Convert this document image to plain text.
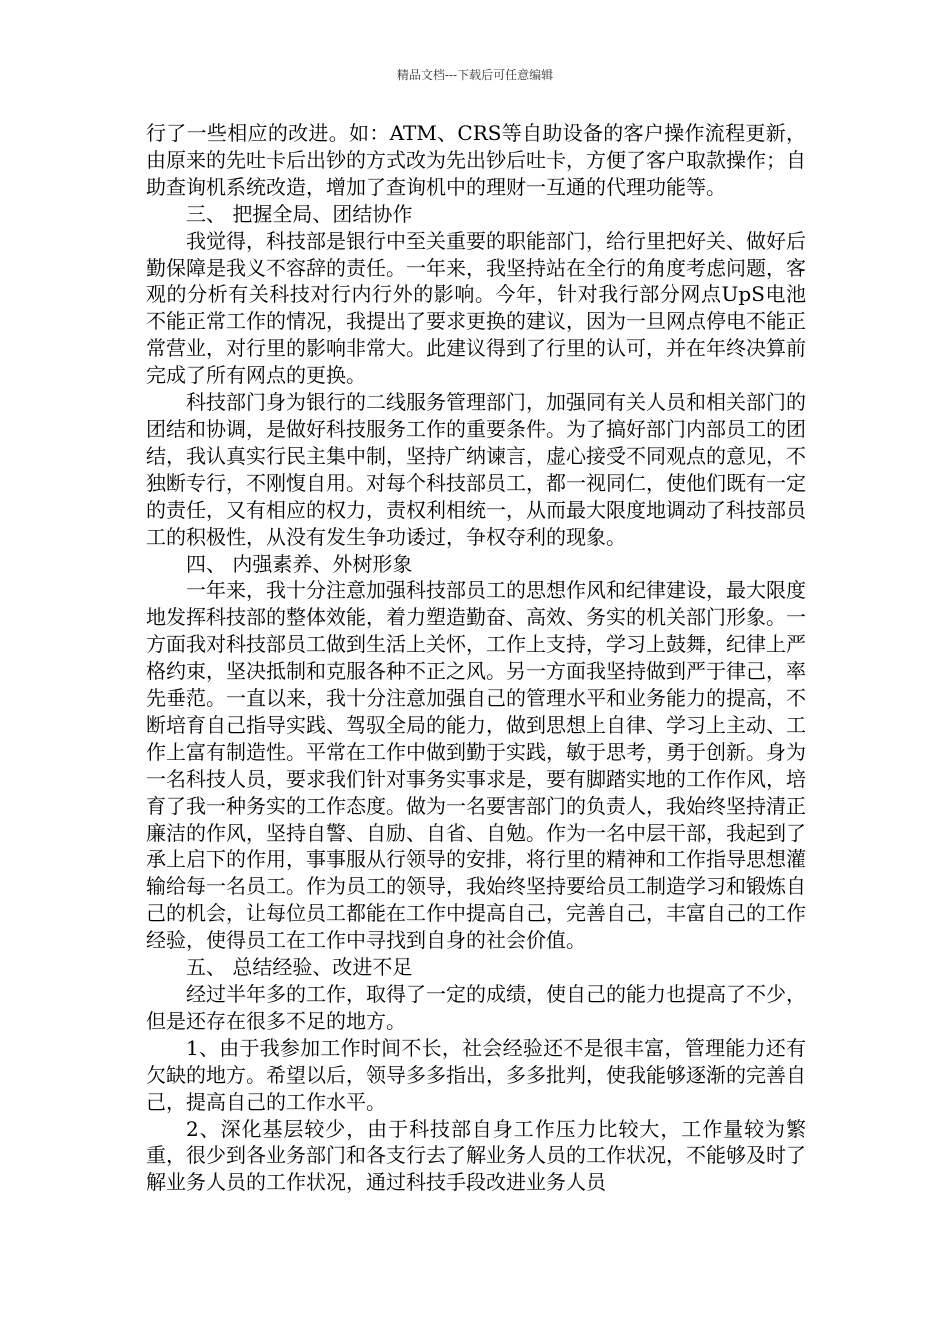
精品文档---下载后可任意编辑

行了一些相应的改进。如：ATM、CRS等自助设备的客户操作流程更新，由原来的先吐卡后出钞的方式改为先出钞后吐卡，方便了客户取款操作；自助查询机系统改造，增加了查询机中的理财一互通的代理功能等。

三、 把握全局、团结协作

我觉得，科技部是银行中至关重要的职能部门，给行里把好关、做好后勤保障是我义不容辞的责任。一年来，我坚持站在全行的角度考虑问题，客观的分析有关科技对行内行外的影响。今年，针对我行部分网点UpS电池不能正常工作的情况，我提出了要求更换的建议，因为一旦网点停电不能正常营业，对行里的影响非常大。此建议得到了行里的认可，并在年终决算前完成了所有网点的更换。

科技部门身为银行的二线服务管理部门，加强同有关人员和相关部门的团结和协调，是做好科技服务工作的重要条件。为了搞好部门内部员工的团结，我认真实行民主集中制，坚持广纳谏言，虚心接受不同观点的意见，不独断专行，不刚愎自用。对每个科技部员工，都一视同仁，使他们既有一定的责任，又有相应的权力，责权利相统一，从而最大限度地调动了科技部员工的积极性，从没有发生争功诿过，争权夺利的现象。

四、 内强素养、外树形象

一年来，我十分注意加强科技部员工的思想作风和纪律建设，最大限度地发挥科技部的整体效能，着力塑造勤奋、高效、务实的机关部门形象。一方面我对科技部员工做到生活上关怀，工作上支持，学习上鼓舞，纪律上严格约束，坚决抵制和克服各种不正之风。另一方面我坚持做到严于律己，率先垂范。一直以来，我十分注意加强自己的管理水平和业务能力的提高，不断培育自己指导实践、驾驭全局的能力，做到思想上自律、学习上主动、工作上富有制造性。平常在工作中做到勤于实践，敏于思考，勇于创新。身为一名科技人员，要求我们针对事务实事求是，要有脚踏实地的工作作风，培育了我一种务实的工作态度。做为一名要害部门的负责人，我始终坚持清正廉洁的作风，坚持自警、自励、自省、自勉。作为一名中层干部，我起到了承上启下的作用，事事服从行领导的安排，将行里的精神和工作指导思想灌输给每一名员工。作为员工的领导，我始终坚持要给员工制造学习和锻炼自己的机会，让每位员工都能在工作中提高自己，完善自己，丰富自己的工作经验，使得员工在工作中寻找到自身的社会价值。

五、 总结经验、改进不足

经过半年多的工作，取得了一定的成绩，使自己的能力也提高了不少，但是还存在很多不足的地方。

1、由于我参加工作时间不长，社会经验还不是很丰富，管理能力还有欠缺的地方。希望以后，领导多多指出，多多批判，使我能够逐渐的完善自己，提高自己的工作水平。

2、深化基层较少，由于科技部自身工作压力比较大，工作量较为繁重，很少到各业务部门和各支行去了解业务人员的工作状况，不能够及时了解业务人员的工作状况，通过科技手段改进业务人员
